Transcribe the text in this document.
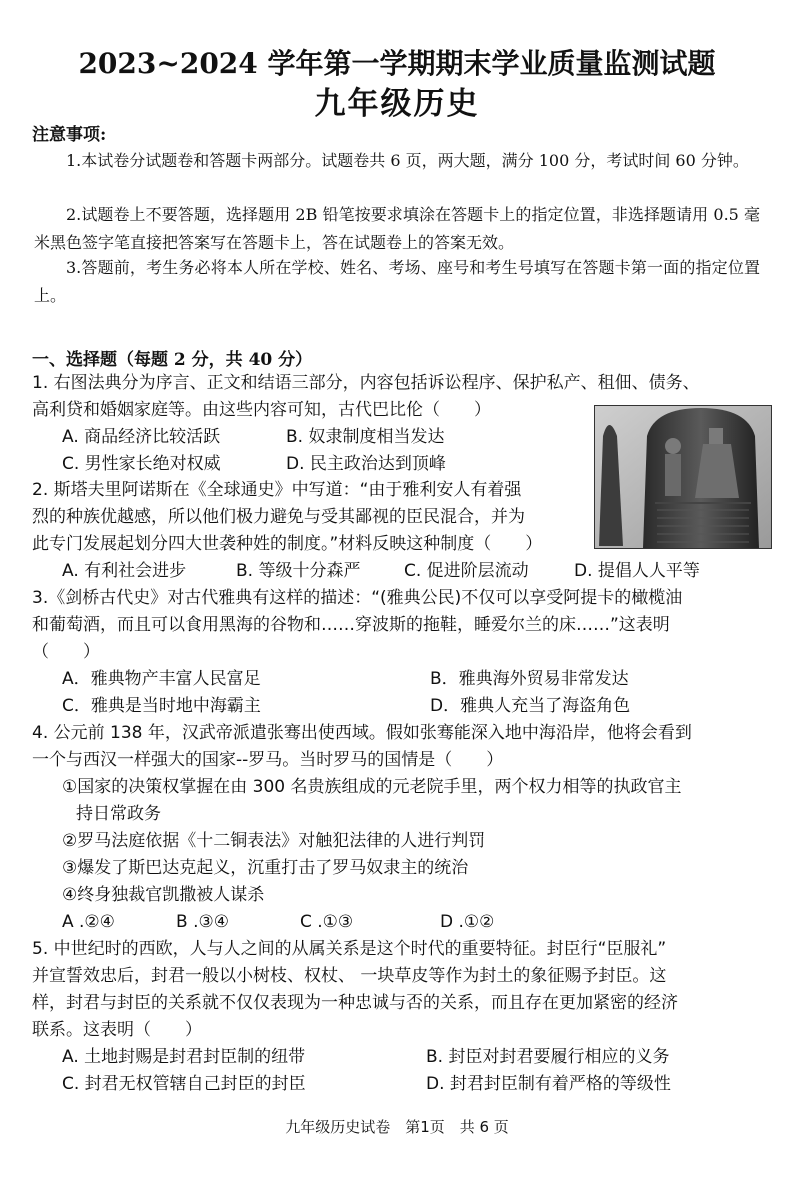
2023~2024 学年第一学期期末学业质量监测试题
九年级历史
注意事项:
1.本试卷分试题卷和答题卡两部分。试题卷共 6 页，两大题，满分 100 分，考试时间 60 分钟。
2.试题卷上不要答题，选择题用 2B 铅笔按要求填涂在答题卡上的指定位置，非选择题请用 0.5 毫米黑色签字笔直接把答案写在答题卡上，答在试题卷上的答案无效。
3.答题前，考生务必将本人所在学校、姓名、考场、座号和考生号填写在答题卡第一面的指定位置上。
一、选择题（每题 2 分，共 40 分）
1. 右图法典分为序言、正文和结语三部分，内容包括诉讼程序、保护私产、租佃、债务、
高利贷和婚姻家庭等。由这些内容可知，古代巴比伦（　　）
A. 商品经济比较活跃	B. 奴隶制度相当发达
C. 男性家长绝对权威	D. 民主政治达到顶峰
2. 斯塔夫里阿诺斯在《全球通史》中写道：“由于雅利安人有着强
烈的种族优越感，所以他们极力避免与受其鄙视的臣民混合，并为
此专门发展起划分四大世袭种姓的制度。”材料反映这种制度（　　）
A. 有利社会进步	B. 等级十分森严	C. 促进阶层流动	D. 提倡人人平等
3.《剑桥古代史》对古代雅典有这样的描述：“(雅典公民)不仅可以享受阿提卡的橄榄油
和葡萄酒，而且可以食用黑海的谷物和……穿波斯的拖鞋，睡爱尔兰的床……”这表明
（　　）
A．雅典物产丰富人民富足	B．雅典海外贸易非常发达
C．雅典是当时地中海霸主	D．雅典人充当了海盗角色
4. 公元前 138 年，汉武帝派遣张骞出使西域。假如张骞能深入地中海沿岸，他将会看到
一个与西汉一样强大的国家--罗马。当时罗马的国情是（　　）
①国家的决策权掌握在由 300 名贵族组成的元老院手里，两个权力相等的执政官主
持日常政务
②罗马法庭依据《十二铜表法》对触犯法律的人进行判罚
③爆发了斯巴达克起义，沉重打击了罗马奴隶主的统治
④终身独裁官凯撒被人谋杀
A .②④	B .③④	C .①③	D .①②
5. 中世纪时的西欧，人与人之间的从属关系是这个时代的重要特征。封臣行“臣服礼”
并宣誓效忠后，封君一般以小树枝、权杖、 一块草皮等作为封土的象征赐予封臣。这
样，封君与封臣的关系就不仅仅表现为一种忠诚与否的关系，而且存在更加紧密的经济
联系。这表明（　　）
A. 土地封赐是封君封臣制的纽带	B. 封臣对封君要履行相应的义务
C. 封君无权管辖自己封臣的封臣	D. 封君封臣制有着严格的等级性
九年级历史试卷　第1页　共 6 页
